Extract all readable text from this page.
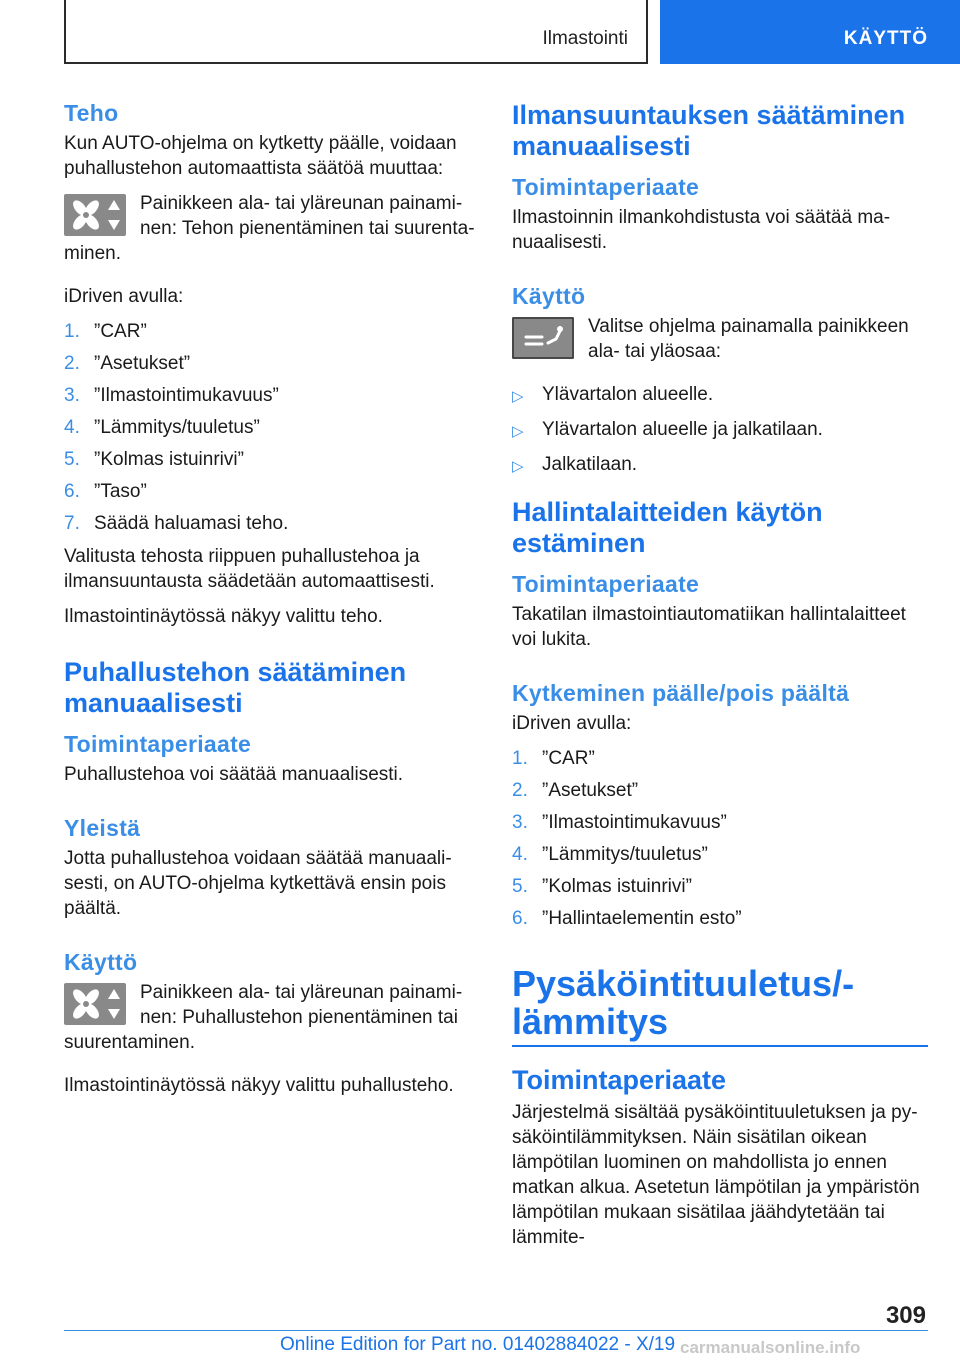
Ilmastointi	KÄYTTÖ
Teho

Kun AUTO-ohjelma on kytketty päälle, voidaan puhallustehon automaattista säätöä muuttaa:

Painikkeen ala- tai yläreunan painaminen: Tehon pienentäminen tai suurentaminen.

iDriven avulla:

1. ”CAR”
2. ”Asetukset”
3. ”Ilmastointimukavuus”
4. ”Lämmitys/tuuletus”
5. ”Kolmas istuinrivi”
6. ”Taso”
7. Säädä haluamasi teho.

Valitusta tehosta riippuen puhallustehoa ja ilmansuuntausta säädetään automaattisesti.

Ilmastointinäytössä näkyy valittu teho.

Puhallustehon säätäminen manuaalisesti
Toimintaperiaate

Puhallustehoa voi säätää manuaalisesti.

Yleistä

Jotta puhallustehoa voidaan säätää manuaalisesti, on AUTO-ohjelma kytkettävä ensin pois päältä.

Käyttö
Painikkeen ala- tai yläreunan painaminen: Puhallustehon pienentäminen tai suurentaminen.

Ilmastointinäytössä näkyy valittu puhallusteho.

Ilmansuuntauksen säätäminen manuaalisesti
Toimintaperiaate

Ilmastoinnin ilmankohdistusta voi säätää manuaalisesti.

Käyttö
Valitse ohjelma painamalla painikkeen ala- tai yläosaa:
▷ Ylävartalon alueelle.
▷ Ylävartalon alueelle ja jalkatilaan.
▷ Jalkatilaan.
Hallintalaitteiden käytön estäminen
Toimintaperiaate

Takatilan ilmastointiautomatiikan hallintalaitteet voi lukita.

Kytkeminen päälle/pois päältä

iDriven avulla:

1. ”CAR”
2. ”Asetukset”
3. ”Ilmastointimukavuus”
4. ”Lämmitys/tuuletus”
5. ”Kolmas istuinrivi”
6. ”Hallintaelementin esto”
Pysäköintituuletus/-lämmitys
Toimintaperiaate

Järjestelmä sisältää pysäköintituuletuksen ja pysäköintilämmityksen. Näin sisätilan oikean lämpötilan luominen on mahdollista jo ennen matkan alkua. Asetetun lämpötilan ja ympäristön lämpötilan mukaan sisätilaa jäähdytetään tai lämmite-

309
Online Edition for Part no. 01402884022 - X/19 carmanualsonline.info
